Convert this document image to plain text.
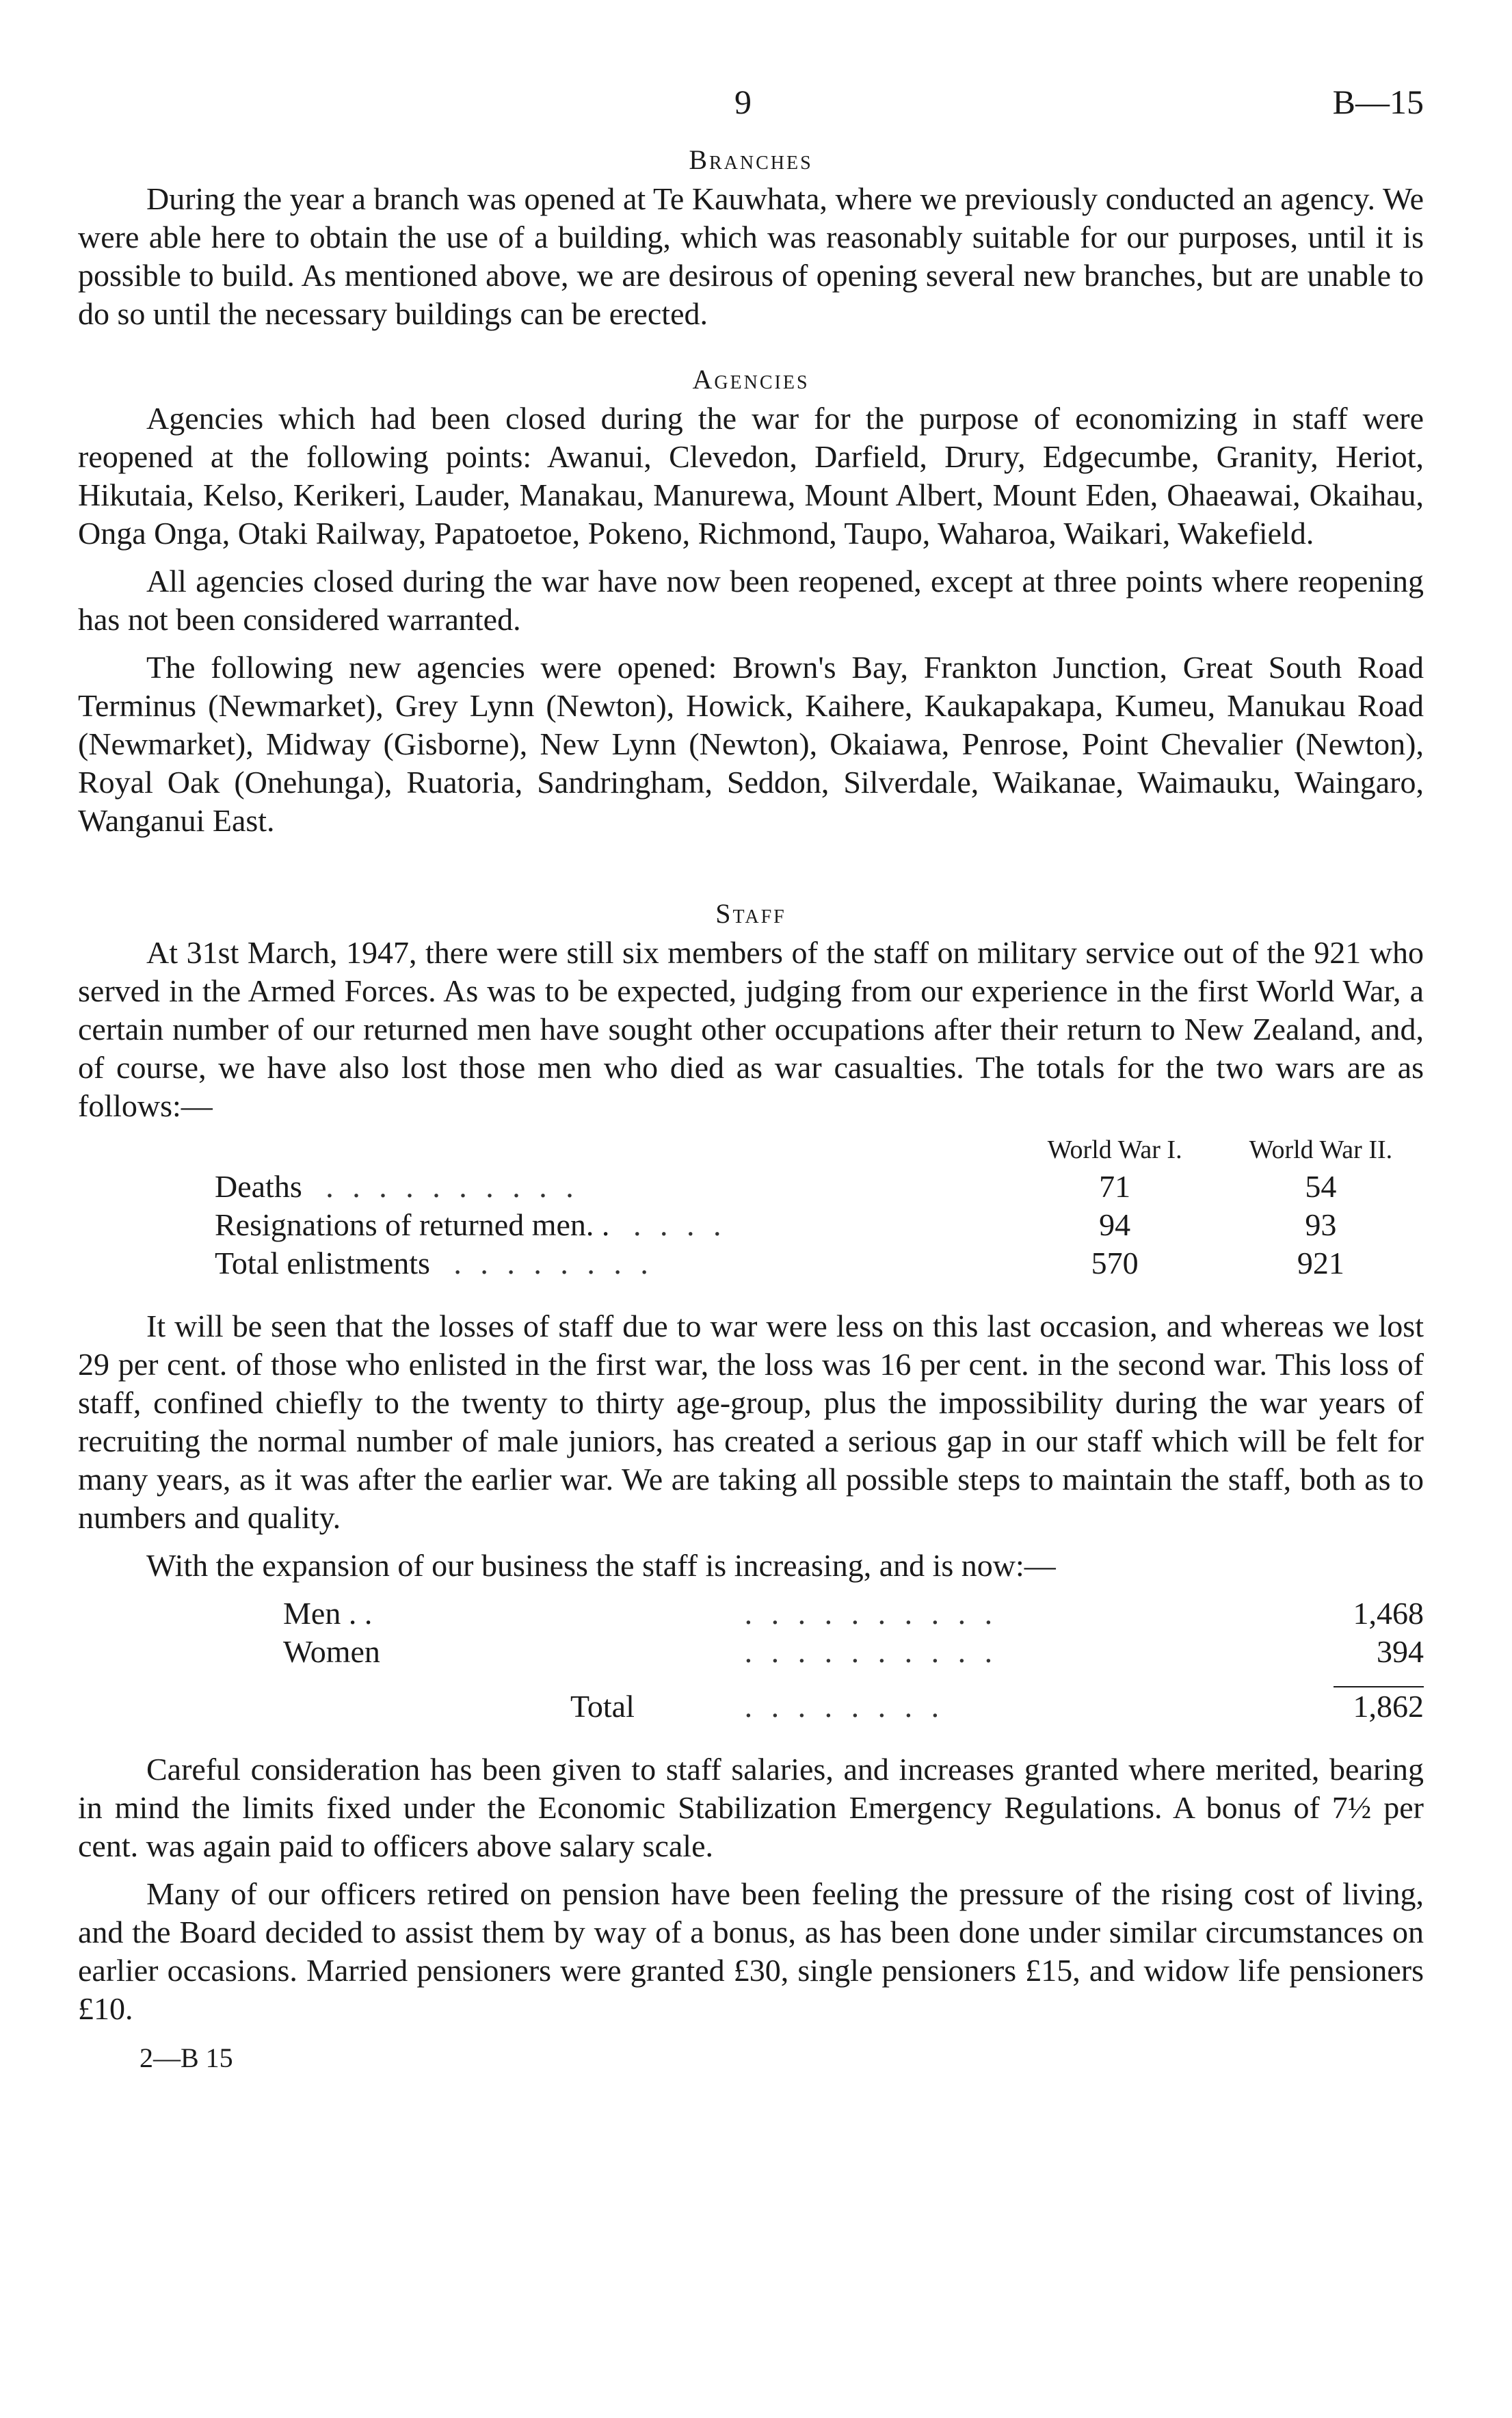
9	B—15
Branches

During the year a branch was opened at Te Kauwhata, where we previously conducted an agency. We were able here to obtain the use of a building, which was reasonably suitable for our purposes, until it is possible to build. As mentioned above, we are desirous of opening several new branches, but are unable to do so until the necessary buildings can be erected.

Agencies

Agencies which had been closed during the war for the purpose of economizing in staff were reopened at the following points: Awanui, Clevedon, Darfield, Drury, Edgecumbe, Granity, Heriot, Hikutaia, Kelso, Kerikeri, Lauder, Manakau, Manurewa, Mount Albert, Mount Eden, Ohaeawai, Okaihau, Onga Onga, Otaki Railway, Papatoetoe, Pokeno, Richmond, Taupo, Waharoa, Waikari, Wakefield.

All agencies closed during the war have now been reopened, except at three points where reopening has not been considered warranted.

The following new agencies were opened: Brown's Bay, Frankton Junction, Great South Road Terminus (Newmarket), Grey Lynn (Newton), Howick, Kaihere, Kaukapakapa, Kumeu, Manukau Road (Newmarket), Midway (Gisborne), New Lynn (Newton), Okaiawa, Penrose, Point Chevalier (Newton), Royal Oak (Onehunga), Ruatoria, Sandringham, Seddon, Silverdale, Waikanae, Waimauku, Waingaro, Wanganui East.

Staff

At 31st March, 1947, there were still six members of the staff on military service out of the 921 who served in the Armed Forces. As was to be expected, judging from our experience in the first World War, a certain number of our returned men have sought other occupations after their return to New Zealand, and, of course, we have also lost those men who died as war casualties. The totals for the two wars are as follows:—

	World War I.	World War II.
Deaths . . . . . . . . . .	71	54
Resignations of returned men. . . . . .	94	93
Total enlistments . . . . . . . .	570	921

It will be seen that the losses of staff due to war were less on this last occasion, and whereas we lost 29 per cent. of those who enlisted in the first war, the loss was 16 per cent. in the second war. This loss of staff, confined chiefly to the twenty to thirty age-group, plus the impossibility during the war years of recruiting the normal number of male juniors, has created a serious gap in our staff which will be felt for many years, as it was after the earlier war. We are taking all possible steps to maintain the staff, both as to numbers and quality.

With the expansion of our business the staff is increasing, and is now:—

Men . .	. . . . . . . . . .	1,468
Women	. . . . . . . . . .	394

Total	. . . . . . . .	1,862

Careful consideration has been given to staff salaries, and increases granted where merited, bearing in mind the limits fixed under the Economic Stabilization Emergency Regulations. A bonus of 7½ per cent. was again paid to officers above salary scale.

Many of our officers retired on pension have been feeling the pressure of the rising cost of living, and the Board decided to assist them by way of a bonus, as has been done under similar circumstances on earlier occasions. Married pensioners were granted £30, single pensioners £15, and widow life pensioners £10.

2—B 15
